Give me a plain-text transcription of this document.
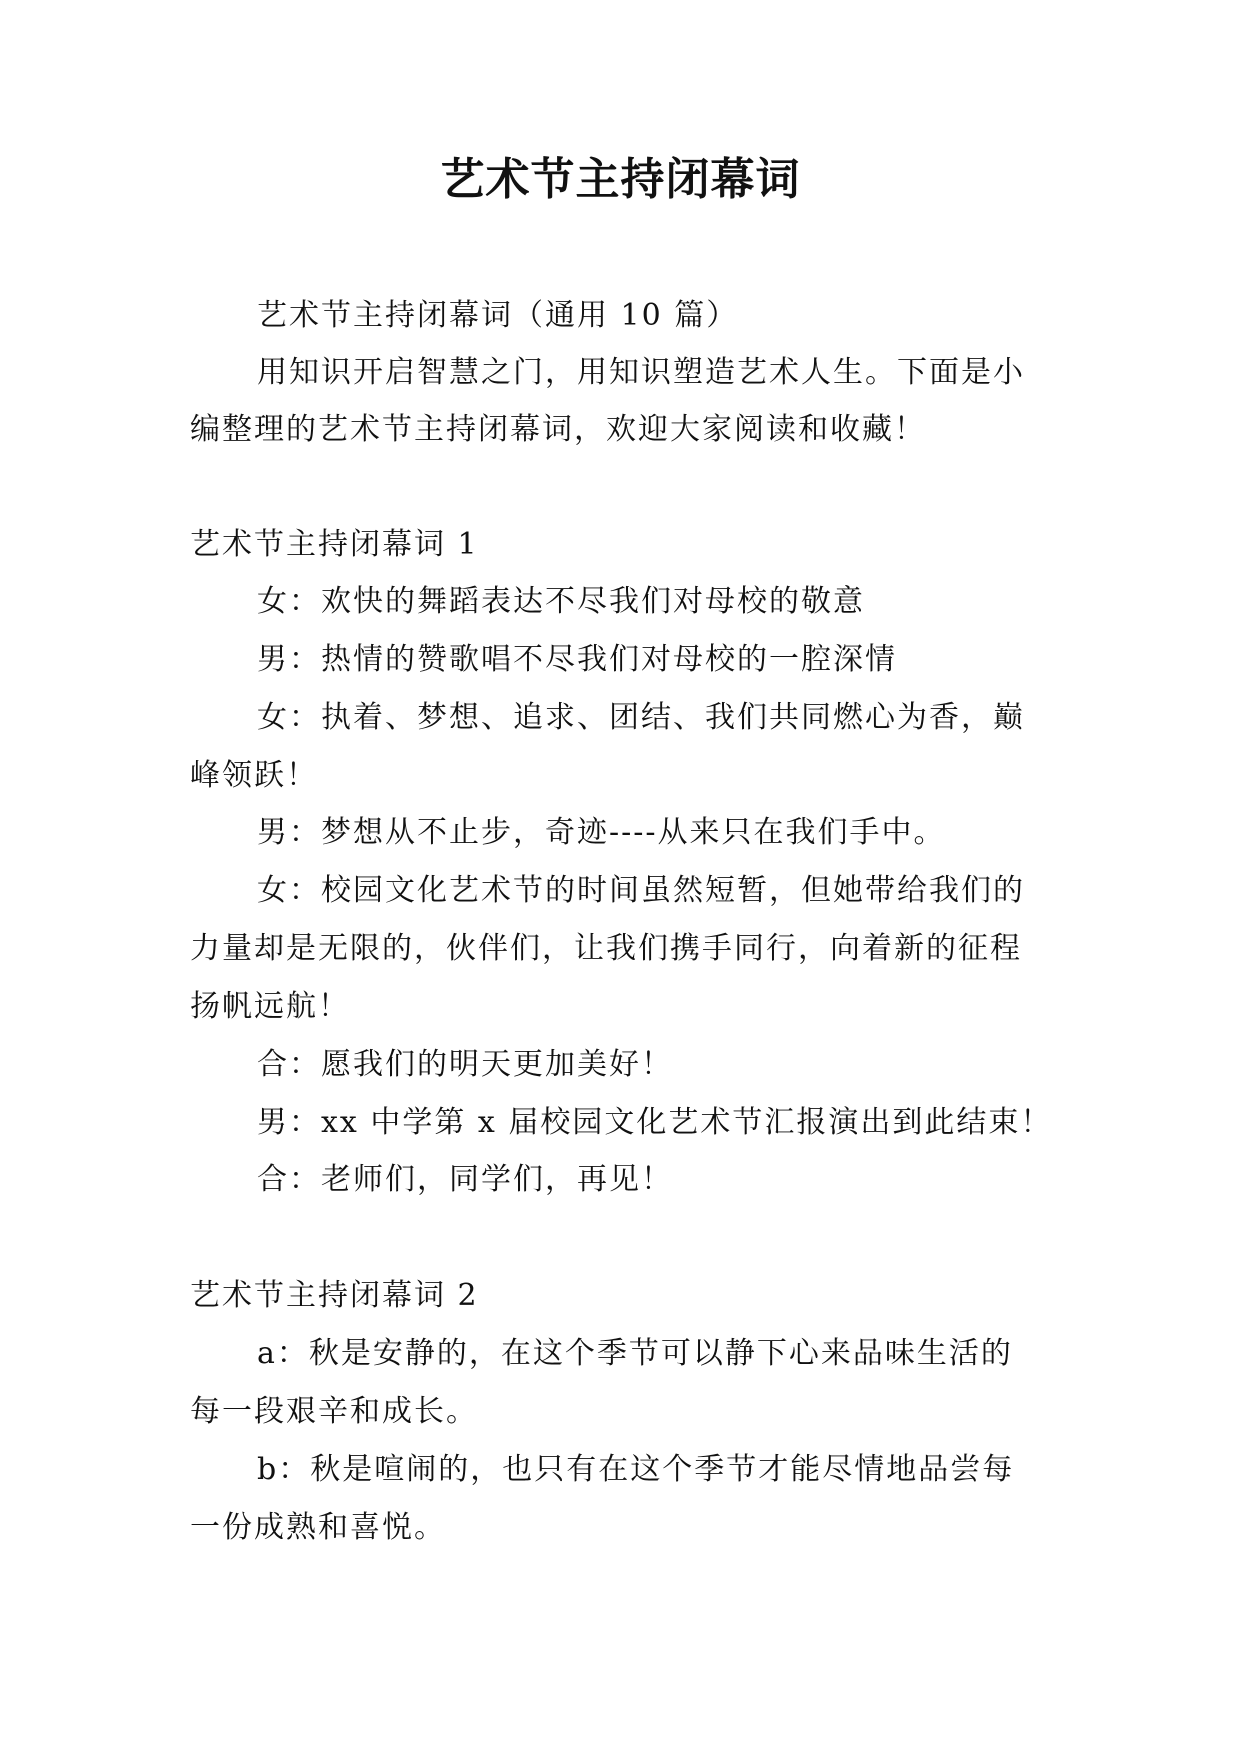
艺术节主持闭幕词
艺术节主持闭幕词（通用 10 篇）
用知识开启智慧之门，用知识塑造艺术人生。下面是小
编整理的艺术节主持闭幕词，欢迎大家阅读和收藏！
艺术节主持闭幕词 1
女：欢快的舞蹈表达不尽我们对母校的敬意
男：热情的赞歌唱不尽我们对母校的一腔深情
女：执着、梦想、追求、团结、我们共同燃心为香，巅
峰领跃！
男：梦想从不止步，奇迹----从来只在我们手中。
女：校园文化艺术节的时间虽然短暂，但她带给我们的
力量却是无限的，伙伴们，让我们携手同行，向着新的征程
扬帆远航！
合：愿我们的明天更加美好！
男：xx 中学第 x 届校园文化艺术节汇报演出到此结束！
合：老师们，同学们，再见！
艺术节主持闭幕词 2
a：秋是安静的，在这个季节可以静下心来品味生活的
每一段艰辛和成长。
b：秋是喧闹的，也只有在这个季节才能尽情地品尝每
一份成熟和喜悦。
